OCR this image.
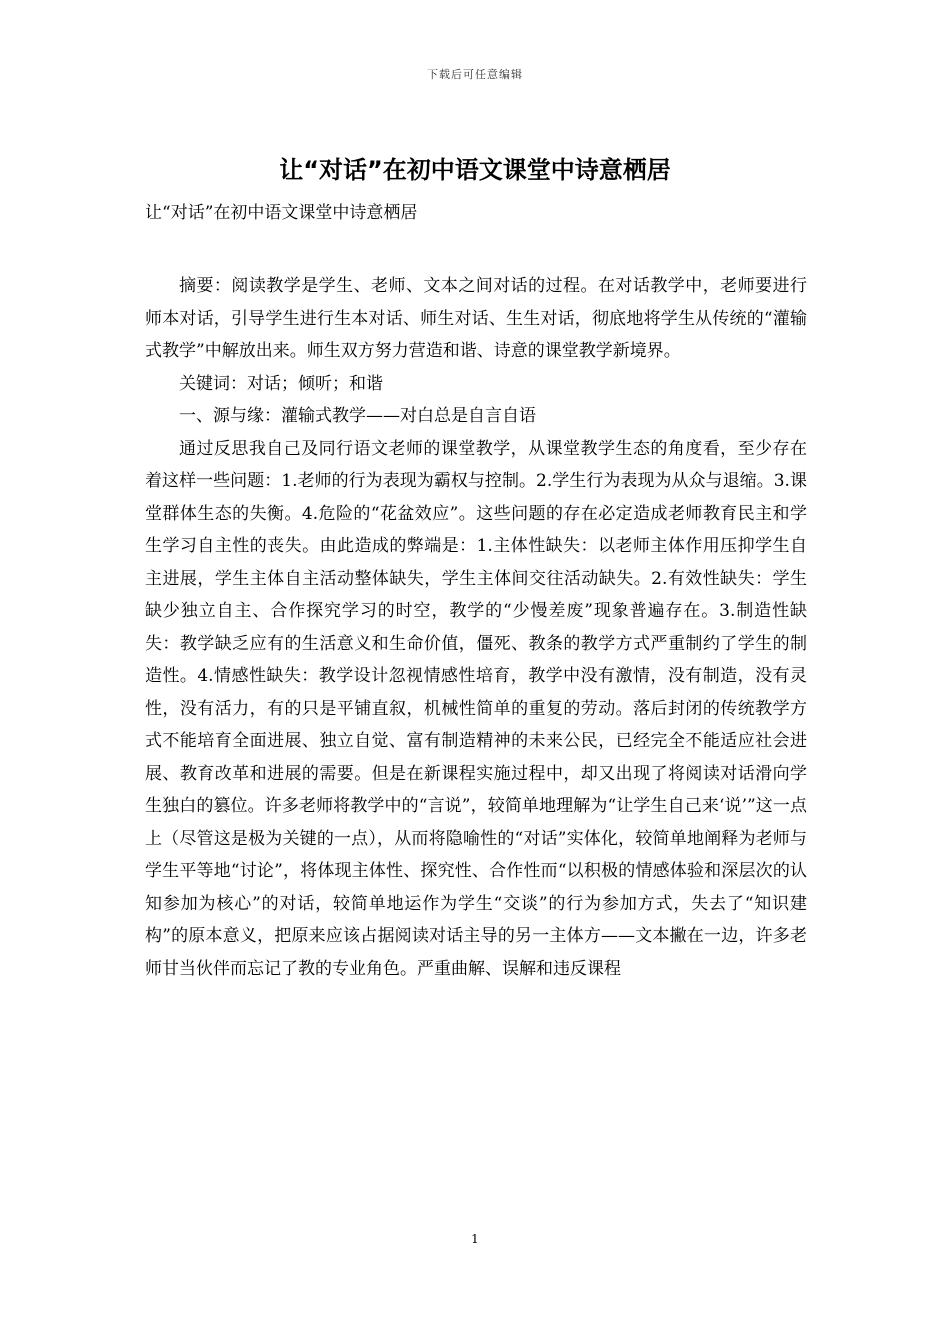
下载后可任意编辑
让“对话”在初中语文课堂中诗意栖居

让“对话”在初中语文课堂中诗意栖居

摘要：阅读教学是学生、老师、文本之间对话的过程。在对话教学中，老师要进行师本对话，引导学生进行生本对话、师生对话、生生对话，彻底地将学生从传统的“灌输式教学”中解放出来。师生双方努力营造和谐、诗意的课堂教学新境界。

关键词：对话；倾听；和谐

一、源与缘：灌输式教学——对白总是自言自语

通过反思我自己及同行语文老师的课堂教学，从课堂教学生态的角度看，至少存在着这样一些问题：1.老师的行为表现为霸权与控制。2.学生行为表现为从众与退缩。3.课堂群体生态的失衡。4.危险的“花盆效应”。这些问题的存在必定造成老师教育民主和学生学习自主性的丧失。由此造成的弊端是：1.主体性缺失：以老师主体作用压抑学生自主进展，学生主体自主活动整体缺失，学生主体间交往活动缺失。2.有效性缺失：学生缺少独立自主、合作探究学习的时空，教学的“少慢差废”现象普遍存在。3.制造性缺失：教学缺乏应有的生活意义和生命价值，僵死、教条的教学方式严重制约了学生的制造性。4.情感性缺失：教学设计忽视情感性培育，教学中没有激情，没有制造，没有灵性，没有活力，有的只是平铺直叙，机械性简单的重复的劳动。落后封闭的传统教学方式不能培育全面进展、独立自觉、富有制造精神的未来公民，已经完全不能适应社会进展、教育改革和进展的需要。但是在新课程实施过程中，却又出现了将阅读对话滑向学生独白的篡位。许多老师将教学中的“言说”，较简单地理解为“让学生自己来‘说’”这一点上（尽管这是极为关键的一点），从而将隐喻性的“对话”实体化，较简单地阐释为老师与学生平等地“讨论”，将体现主体性、探究性、合作性而“以积极的情感体验和深层次的认知参加为核心”的对话，较简单地运作为学生“交谈”的行为参加方式，失去了“知识建构”的原本意义，把原来应该占据阅读对话主导的另一主体方——文本撇在一边，许多老师甘当伙伴而忘记了教的专业角色。严重曲解、误解和违反课程

1
